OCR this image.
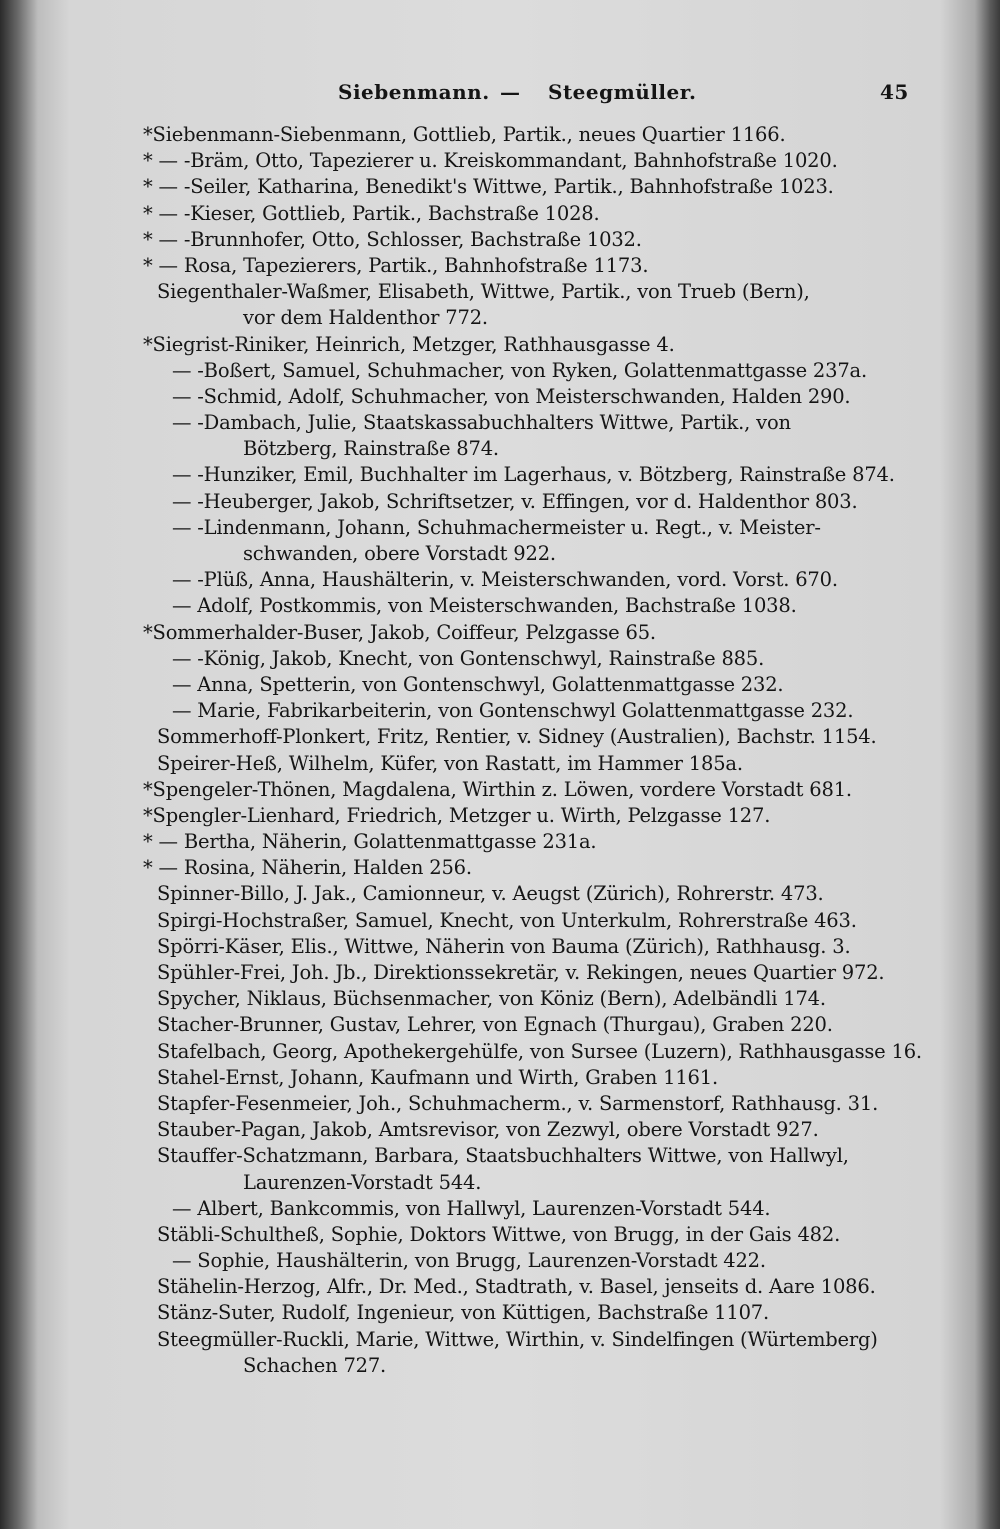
Siebenmann. — Steegmüller.	45
*Siebenmann-Siebenmann, Gottlieb, Partik., neues Quartier 1166.
* — -Bräm, Otto, Tapezierer u. Kreiskommandant, Bahnhofstraße 1020.
* — -Seiler, Katharina, Benedikt's Wittwe, Partik., Bahnhofstraße 1023.
* — -Kieser, Gottlieb, Partik., Bachstraße 1028.
* — -Brunnhofer, Otto, Schlosser, Bachstraße 1032.
* — Rosa, Tapezierers, Partik., Bahnhofstraße 1173.
Siegenthaler-Waßmer, Elisabeth, Wittwe, Partik., von Trueb (Bern),
vor dem Haldenthor 772.
*Siegrist-Riniker, Heinrich, Metzger, Rathhausgasse 4.
— -Boßert, Samuel, Schuhmacher, von Ryken, Golattenmattgasse 237a.
— -Schmid, Adolf, Schuhmacher, von Meisterschwanden, Halden 290.
— -Dambach, Julie, Staatskassabuchhalters Wittwe, Partik., von
Bötzberg, Rainstraße 874.
— -Hunziker, Emil, Buchhalter im Lagerhaus, v. Bötzberg, Rainstraße 874.
— -Heuberger, Jakob, Schriftsetzer, v. Effingen, vor d. Haldenthor 803.
— -Lindenmann, Johann, Schuhmachermeister u. Regt., v. Meister-
schwanden, obere Vorstadt 922.
— -Plüß, Anna, Haushälterin, v. Meisterschwanden, vord. Vorst. 670.
— Adolf, Postkommis, von Meisterschwanden, Bachstraße 1038.
*Sommerhalder-Buser, Jakob, Coiffeur, Pelzgasse 65.
— -König, Jakob, Knecht, von Gontenschwyl, Rainstraße 885.
— Anna, Spetterin, von Gontenschwyl, Golattenmattgasse 232.
— Marie, Fabrikarbeiterin, von Gontenschwyl Golattenmattgasse 232.
Sommerhoff-Plonkert, Fritz, Rentier, v. Sidney (Australien), Bachstr. 1154.
Speirer-Heß, Wilhelm, Küfer, von Rastatt, im Hammer 185a.
*Spengeler-Thönen, Magdalena, Wirthin z. Löwen, vordere Vorstadt 681.
*Spengler-Lienhard, Friedrich, Metzger u. Wirth, Pelzgasse 127.
* — Bertha, Näherin, Golattenmattgasse 231a.
* — Rosina, Näherin, Halden 256.
Spinner-Billo, J. Jak., Camionneur, v. Aeugst (Zürich), Rohrerstr. 473.
Spirgi-Hochstraßer, Samuel, Knecht, von Unterkulm, Rohrerstraße 463.
Spörri-Käser, Elis., Wittwe, Näherin von Bauma (Zürich), Rathhausg. 3.
Spühler-Frei, Joh. Jb., Direktionssekretär, v. Rekingen, neues Quartier 972.
Spycher, Niklaus, Büchsenmacher, von Köniz (Bern), Adelbändli 174.
Stacher-Brunner, Gustav, Lehrer, von Egnach (Thurgau), Graben 220.
Stafelbach, Georg, Apothekergehülfe, von Sursee (Luzern), Rathhausgasse 16.
Stahel-Ernst, Johann, Kaufmann und Wirth, Graben 1161.
Stapfer-Fesenmeier, Joh., Schuhmacherm., v. Sarmenstorf, Rathhausg. 31.
Stauber-Pagan, Jakob, Amtsrevisor, von Zezwyl, obere Vorstadt 927.
Stauffer-Schatzmann, Barbara, Staatsbuchhalters Wittwe, von Hallwyl,
Laurenzen-Vorstadt 544.
— Albert, Bankcommis, von Hallwyl, Laurenzen-Vorstadt 544.
Stäbli-Schultheß, Sophie, Doktors Wittwe, von Brugg, in der Gais 482.
— Sophie, Haushälterin, von Brugg, Laurenzen-Vorstadt 422.
Stähelin-Herzog, Alfr., Dr. Med., Stadtrath, v. Basel, jenseits d. Aare 1086.
Stänz-Suter, Rudolf, Ingenieur, von Küttigen, Bachstraße 1107.
Steegmüller-Ruckli, Marie, Wittwe, Wirthin, v. Sindelfingen (Würtemberg)
Schachen 727.
